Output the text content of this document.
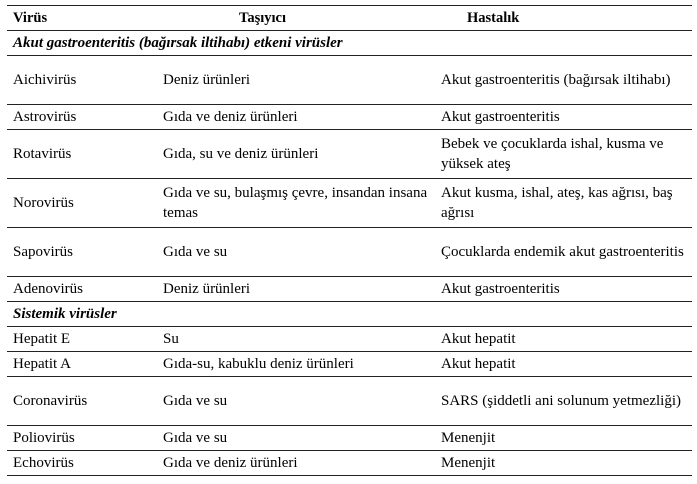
Virüs	Taşıyıcı	Hastalık
Akut gastroenteritis (bağırsak iltihabı) etkeni virüsler		
Aichivirüs	Deniz ürünleri	Akut gastroenteritis (bağırsak iltihabı)
Astrovirüs	Gıda ve deniz ürünleri	Akut gastroenteritis
Rotavirüs	Gıda, su ve deniz ürünleri	Bebek ve çocuklarda ishal, kusma ve yüksek ateş
Norovirüs	Gıda ve su, bulaşmış çevre, insandan insana temas	Akut kusma, ishal, ateş, kas ağrısı, baş ağrısı
Sapovirüs	Gıda ve su	Çocuklarda endemik akut gastroenteritis
Adenovirüs	Deniz ürünleri	Akut gastroenteritis
Sistemik virüsler		
Hepatit E	Su	Akut hepatit
Hepatit A	Gıda-su, kabuklu deniz ürünleri	Akut hepatit
Coronavirüs	Gıda ve su	SARS (şiddetli ani solunum yetmezliği)
Poliovirüs	Gıda ve su	Menenjit
Echovirüs	Gıda ve deniz ürünleri	Menenjit
